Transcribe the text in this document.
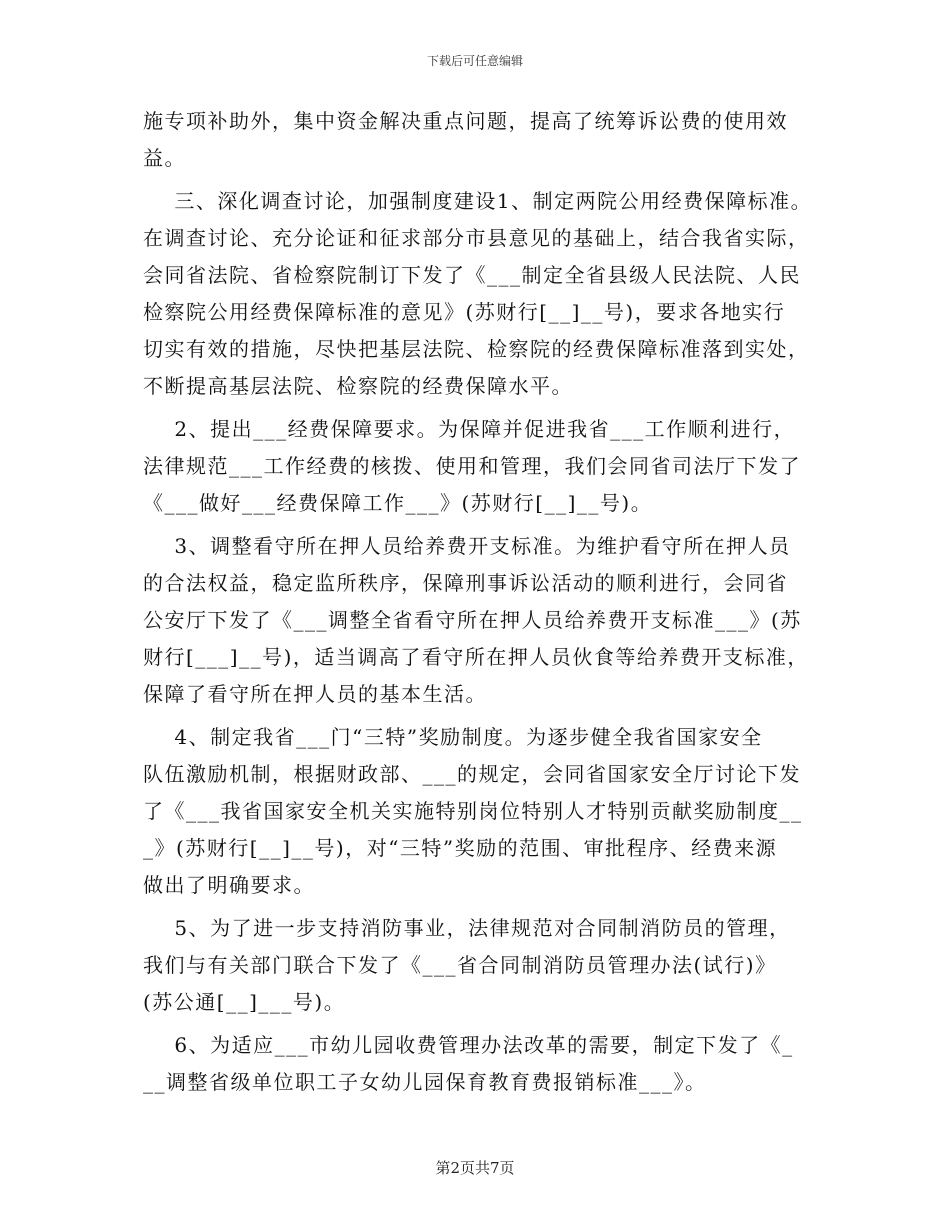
下载后可任意编辑
施专项补助外，集中资金解决重点问题，提高了统筹诉讼费的使用效
益。
三、深化调查讨论，加强制度建设1、制定两院公用经费保障标准。
在调查讨论、充分论证和征求部分市县意见的基础上，结合我省实际，
会同省法院、省检察院制订下发了《___制定全省县级人民法院、人民
检察院公用经费保障标准的意见》(苏财行[__]__号)，要求各地实行
切实有效的措施，尽快把基层法院、检察院的经费保障标准落到实处，
不断提高基层法院、检察院的经费保障水平。
2、提出___经费保障要求。为保障并促进我省___工作顺利进行，
法律规范___工作经费的核拨、使用和管理，我们会同省司法厅下发了
《___做好___经费保障工作___》(苏财行[__]__号)。
3、调整看守所在押人员给养费开支标准。为维护看守所在押人员
的合法权益，稳定监所秩序，保障刑事诉讼活动的顺利进行，会同省
公安厅下发了《___调整全省看守所在押人员给养费开支标准___》(苏
财行[___]__号)，适当调高了看守所在押人员伙食等给养费开支标准，
保障了看守所在押人员的基本生活。
4、制定我省___门“三特”奖励制度。为逐步健全我省国家安全
队伍激励机制，根据财政部、___的规定，会同省国家安全厅讨论下发
了《___我省国家安全机关实施特别岗位特别人才特别贡献奖励制度__
_》(苏财行[__]__号)，对“三特”奖励的范围、审批程序、经费来源
做出了明确要求。
5、为了进一步支持消防事业，法律规范对合同制消防员的管理，
我们与有关部门联合下发了《___省合同制消防员管理办法(试行)》
(苏公通[__]___号)。
6、为适应___市幼儿园收费管理办法改革的需要，制定下发了《_
__调整省级单位职工子女幼儿园保育教育费报销标准___》。
第2页共7页
